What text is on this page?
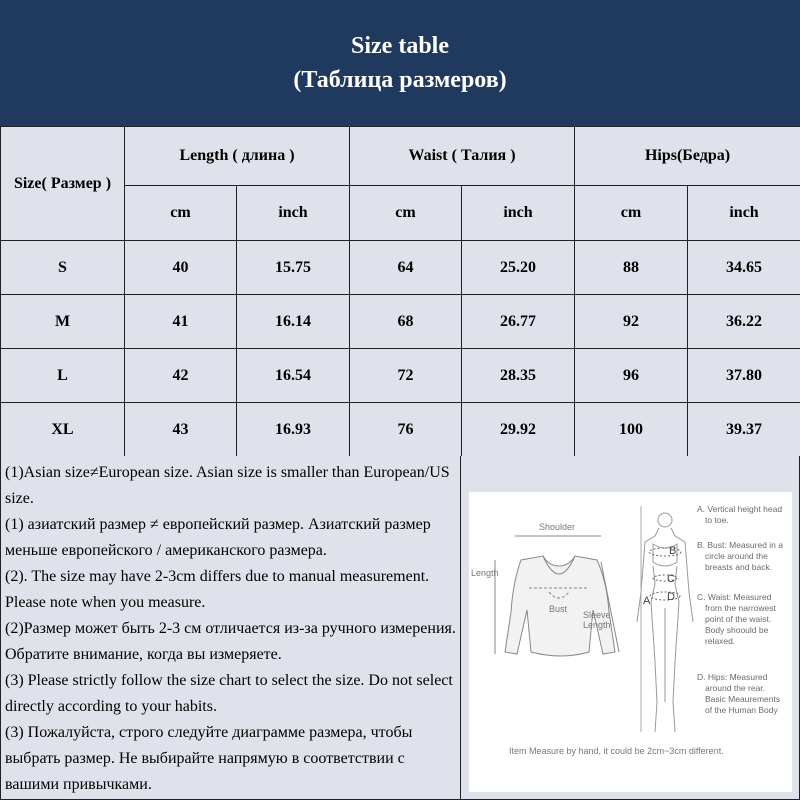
Size table
(Таблица размеров)
Size( Размер )	Length ( длина )		Waist ( Талия )		Hips(Бедра)	
	cm	inch	cm	inch	cm	inch
S	40	15.75	64	25.20	88	34.65
M	41	16.14	68	26.77	92	36.22
L	42	16.54	72	28.35	96	37.80
XL	43	16.93	76	29.92	100	39.37

(1)Asian size≠European size. Asian size is smaller than European/US size.

(1) азиатский размер ≠ европейский размер. Азиатский размер меньше европейского / американского размера.

(2). The size may have 2-3cm differs due to manual measurement. Please note when you measure.

(2)Размер может быть 2-3 см отличается из-за ручного измерения. Обратите внимание, когда вы измеряете.

(3) Please strictly follow the size chart to select the size. Do not select directly according to your habits.

(3) Пожалуйста, строго следуйте диаграмме размера, чтобы выбрать размер. Не выбирайте напрямую в соответствии с вашими привычками.

Shoulder
Length
Bust
Sleeve
Length
A
B
C
D
A. Vertical height head
to toe.
B. Bust: Measured in a
circle around the
breasts and back.
C. Waist: Measured
from the narrowest
point of the waist.
Body shoould be
relaxed.
D. Hips: Measured
around the rear.
Basic Meaurements
of the Human Body
Item Measure by hand, it could be 2cm~3cm different.
